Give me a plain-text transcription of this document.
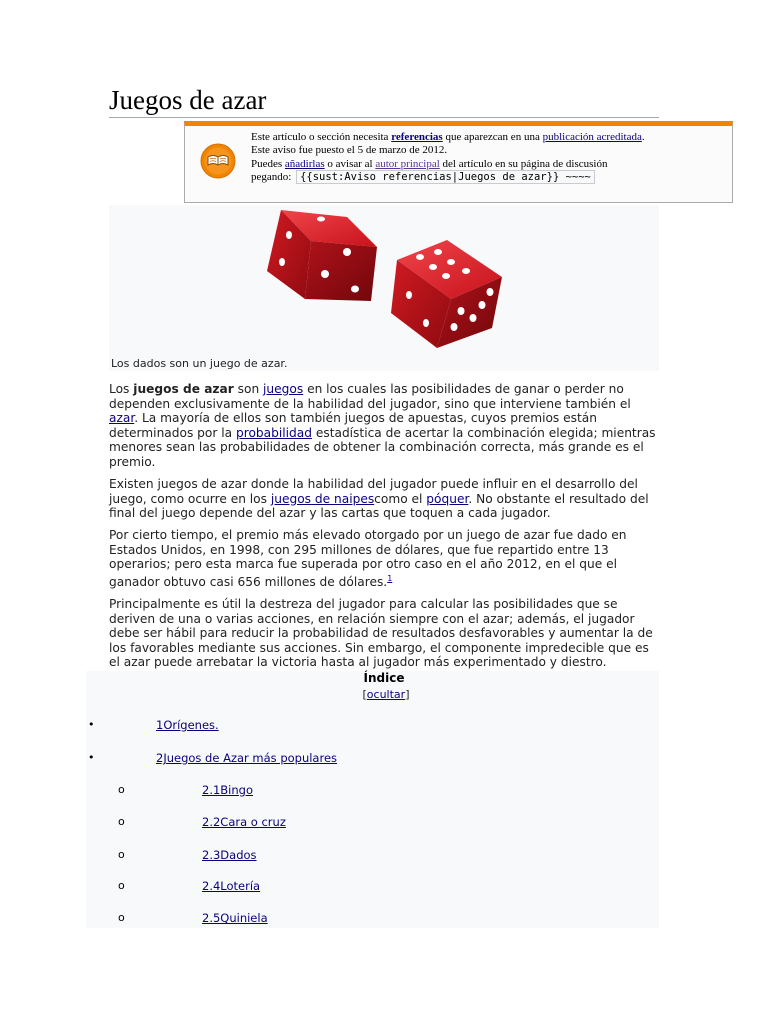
Juegos de azar
Este artículo o sección necesita referencias que aparezcan en una publicación acreditada.
Este aviso fue puesto el 5 de marzo de 2012.
Puedes añadirlas o avisar al autor principal del artículo en su página de discusión
pegando: {{sust:Aviso referencias|Juegos de azar}} ~~~~
Los dados son un juego de azar.

Los juegos de azar son juegos en los cuales las posibilidades de ganar o perder no dependen exclusivamente de la habilidad del jugador, sino que interviene también el azar. La mayoría de ellos son también juegos de apuestas, cuyos premios están determinados por la probabilidad estadística de acertar la combinación elegida; mientras menores sean las probabilidades de obtener la combinación correcta, más grande es el premio.

Existen juegos de azar donde la habilidad del jugador puede influir en el desarrollo del juego, como ocurre en los juegos de naipescomo el póquer. No obstante el resultado del final del juego depende del azar y las cartas que toquen a cada jugador.

Por cierto tiempo, el premio más elevado otorgado por un juego de azar fue dado en Estados Unidos, en 1998, con 295 millones de dólares, que fue repartido entre 13 operarios; pero esta marca fue superada por otro caso en el año 2012, en el que el ganador obtuvo casi 656 millones de dólares.$^1$

Principalmente es útil la destreza del jugador para calcular las posibilidades que se deriven de una o varias acciones, en relación siempre con el azar; además, el jugador debe ser hábil para reducir la probabilidad de resultados desfavorables y aumentar la de los favorables mediante sus acciones. Sin embargo, el componente impredecible que es el azar puede arrebatar la victoria hasta al jugador más experimentado y diestro.

Índice
[ocultar]
•	1Orígenes.
•	2Juegos de Azar más populares
o	2.1Bingo
o	2.2Cara o cruz
o	2.3Dados
o	2.4Lotería
o	2.5Quiniela
